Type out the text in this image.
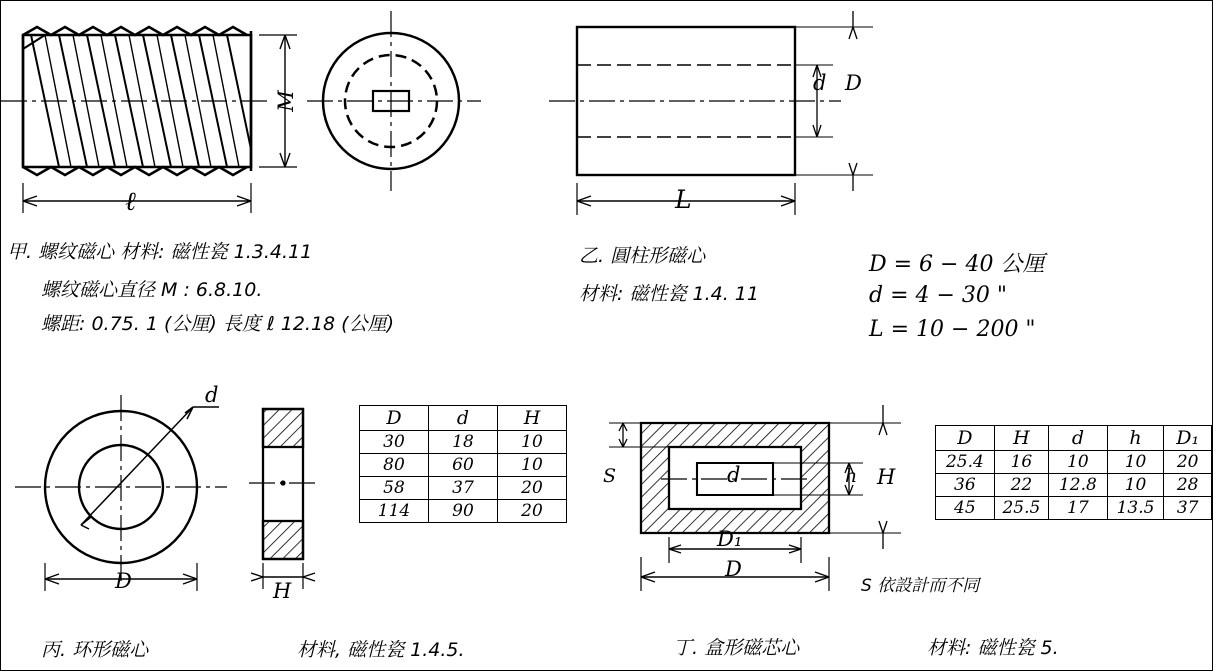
ℓ
M
甲. 螺纹磁心 材料: 磁性瓷 1.3.4.11
螺纹磁心直径 M : 6.8.10.
螺距: 0.75. 1 (公厘) 長度 ℓ 12.18 (公厘)
L
d D
乙. 圓柱形磁心
材料: 磁性瓷 1.4. 11
D = 6 − 40 公厘
d = 4 − 30 "
L = 10 − 200 "
d
D	H
D	d	H
30	18	10
80	60	10
58	37	20
114	90	20
丙. 环形磁心	材料, 磁性瓷 1.4.5.
d	h H
S
D₁
D
D	H	d	h	D₁
25.4	16	10	10	20
36	22	12.8	10	28
45	25.5	17	13.5	37
S 依設計而不同
丁. 盒形磁芯心	材料: 磁性瓷 5.
